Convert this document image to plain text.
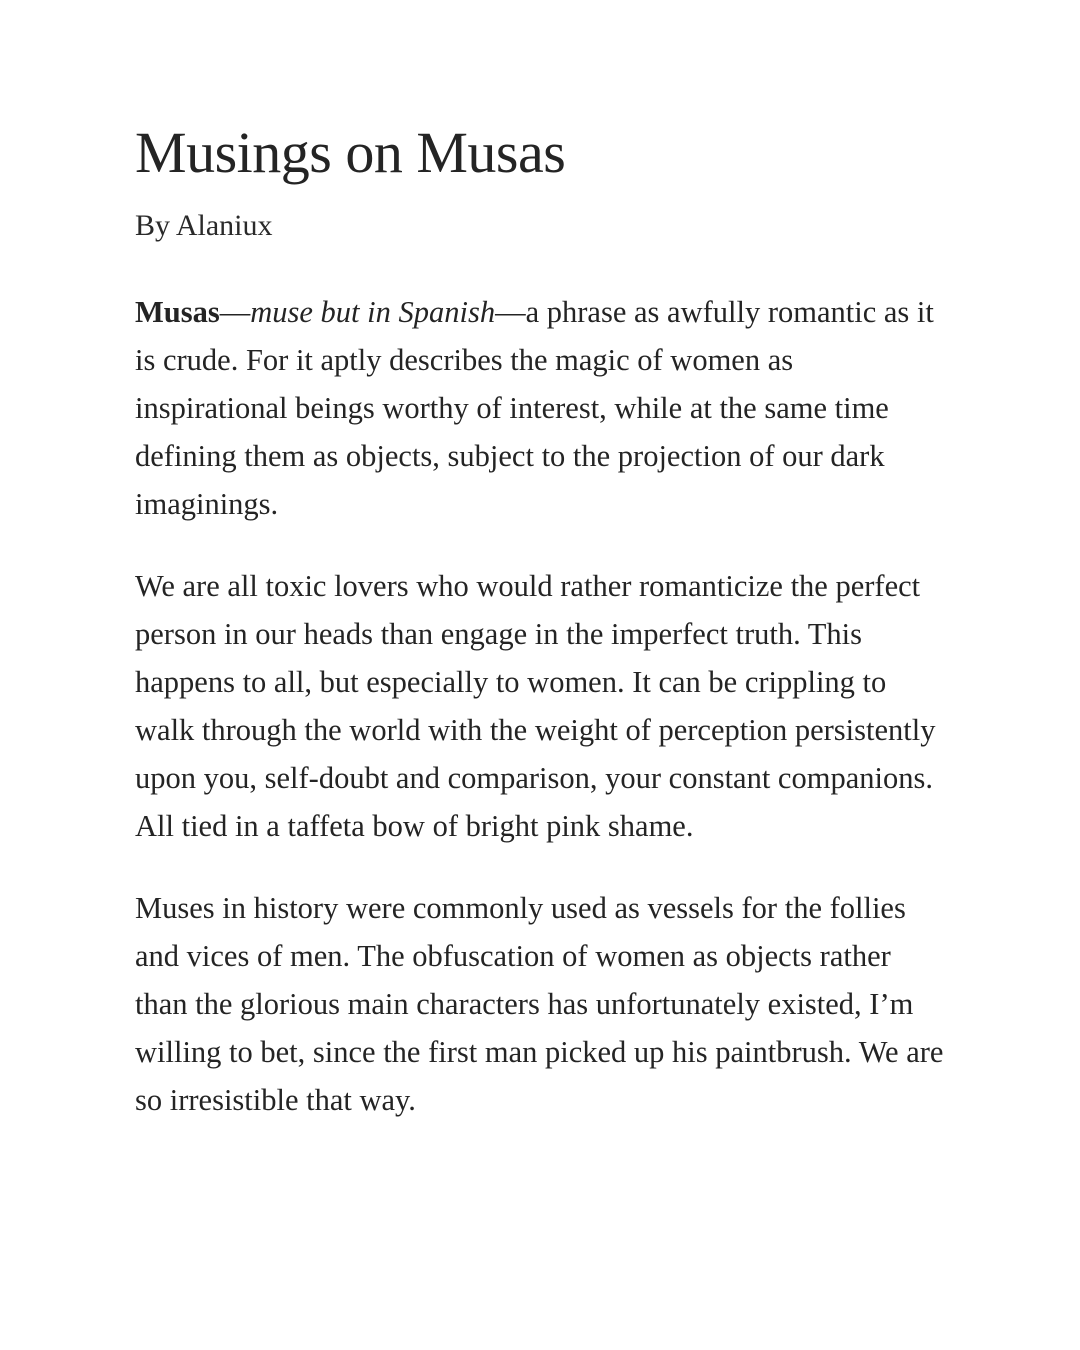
Musings on Musas

By Alaniux

Musas—muse but in Spanish—a phrase as awfully romantic as it is crude. For it aptly describes the magic of women as inspirational beings worthy of interest, while at the same time defining them as objects, subject to the projection of our dark imaginings.

We are all toxic lovers who would rather romanticize the perfect person in our heads than engage in the imperfect truth. This happens to all, but especially to women. It can be crippling to walk through the world with the weight of perception persistently upon you, self-doubt and comparison, your constant companions. All tied in a taffeta bow of bright pink shame.

Muses in history were commonly used as vessels for the follies and vices of men. The obfuscation of women as objects rather than the glorious main characters has unfortunately existed, I’m willing to bet, since the first man picked up his paintbrush. We are so irresistible that way.
